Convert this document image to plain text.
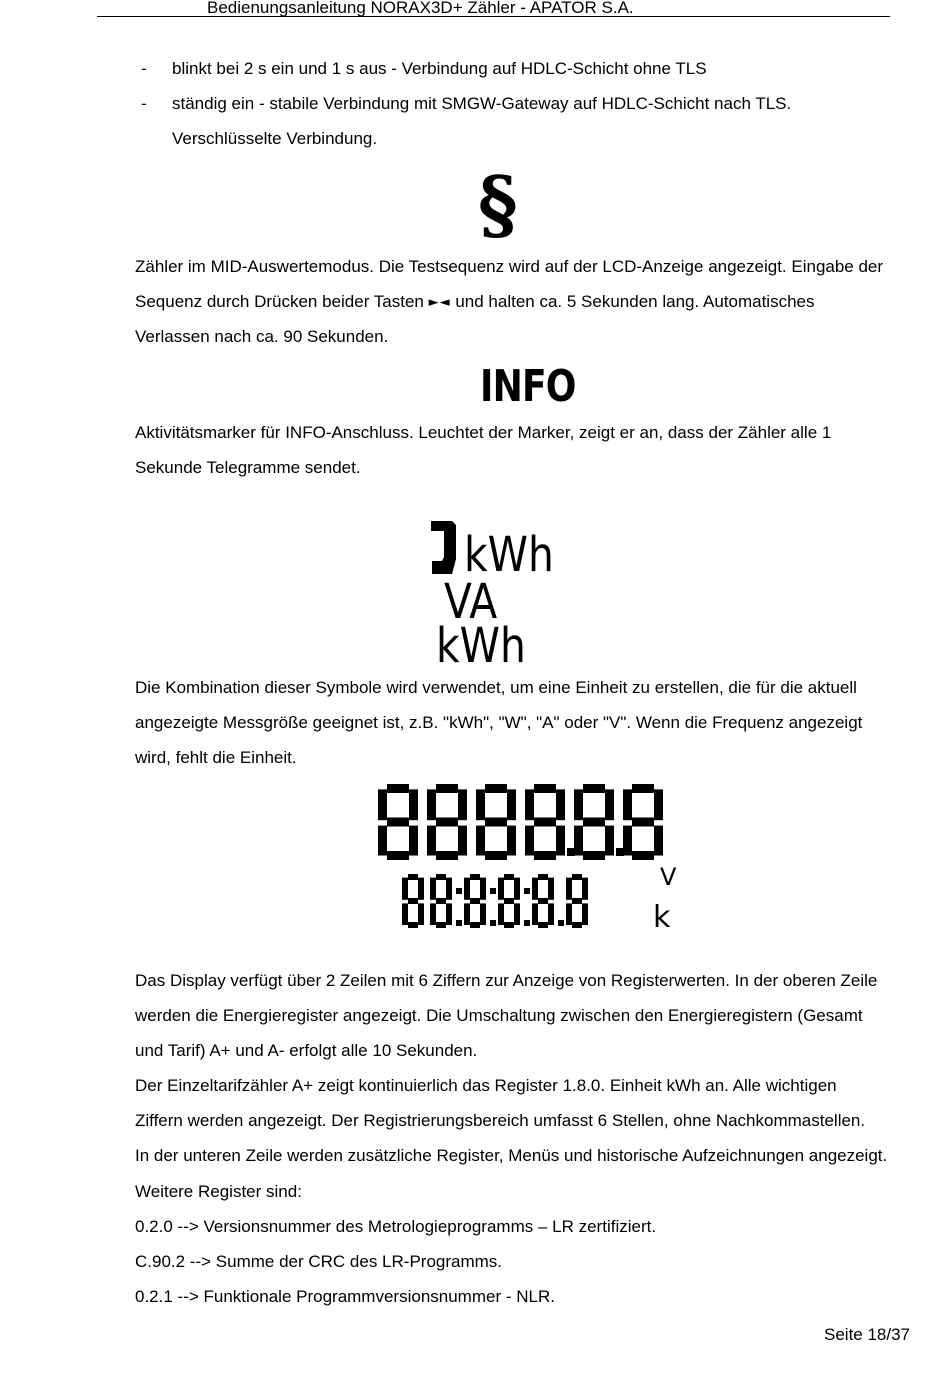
Bedienungsanleitung NORAX3D+ Zähler - APATOR S.A.
- blinkt bei 2 s ein und 1 s aus - Verbindung auf HDLC-Schicht ohne TLS
- ständig ein - stabile Verbindung mit SMGW-Gateway auf HDLC-Schicht nach TLS.
Verschlüsselte Verbindung.
§
Zähler im MID-Auswertemodus. Die Testsequenz wird auf der LCD-Anzeige angezeigt. Eingabe der
Sequenz durch Drücken beider Tasten ►◄ und halten ca. 5 Sekunden lang. Automatisches
Verlassen nach ca. 90 Sekunden.
INFO
Aktivitätsmarker für INFO-Anschluss. Leuchtet der Marker, zeigt er an, dass der Zähler alle 1
Sekunde Telegramme sendet.
kWh
VA
kWh
Die Kombination dieser Symbole wird verwendet, um eine Einheit zu erstellen, die für die aktuell
angezeigte Messgröße geeignet ist, z.B. "kWh", "W", "A" oder "V". Wenn die Frequenz angezeigt
wird, fehlt die Einheit.
V
k
Das Display verfügt über 2 Zeilen mit 6 Ziffern zur Anzeige von Registerwerten. In der oberen Zeile
werden die Energieregister angezeigt. Die Umschaltung zwischen den Energieregistern (Gesamt
und Tarif) A+ und A- erfolgt alle 10 Sekunden.
Der Einzeltarifzähler A+ zeigt kontinuierlich das Register 1.8.0. Einheit kWh an. Alle wichtigen
Ziffern werden angezeigt. Der Registrierungsbereich umfasst 6 Stellen, ohne Nachkommastellen.
In der unteren Zeile werden zusätzliche Register, Menüs und historische Aufzeichnungen angezeigt.
Weitere Register sind:
0.2.0 --> Versionsnummer des Metrologieprogramms – LR zertifiziert.
C.90.2 --> Summe der CRC des LR-Programms.
0.2.1 --> Funktionale Programmversionsnummer - NLR.
Seite 18/37
